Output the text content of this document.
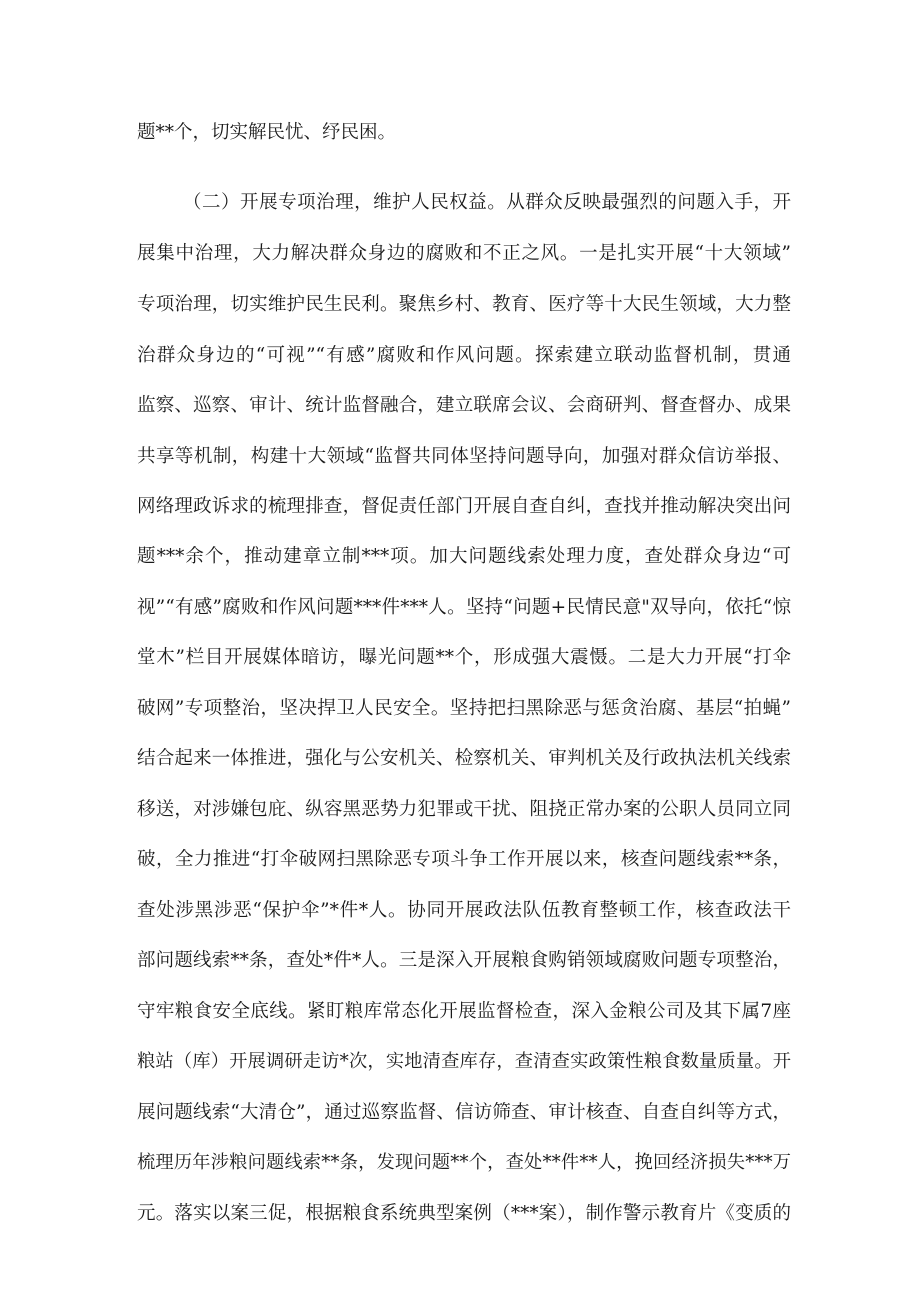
题**个，切实解民忧、纾民困。
（二）开展专项治理，维护人民权益。从群众反映最强烈的问题入手，开
展集中治理，大力解决群众身边的腐败和不正之风。一是扎实开展“十大领域”
专项治理，切实维护民生民利。聚焦乡村、教育、医疗等十大民生领域，大力整
治群众身边的“可视”“有感”腐败和作风问题。探索建立联动监督机制，贯通
监察、巡察、审计、统计监督融合，建立联席会议、会商研判、督查督办、成果
共享等机制，构建十大领域“监督共同体坚持问题导向，加强对群众信访举报、
网络理政诉求的梳理排查，督促责任部门开展自查自纠，查找并推动解决突出问
题***余个，推动建章立制***项。加大问题线索处理力度，查处群众身边“可
视”“有感”腐败和作风问题***件***人。坚持“问题+民情民意"双导向，依托“惊
堂木”栏目开展媒体暗访，曝光问题**个，形成强大震慑。二是大力开展“打伞
破网”专项整治，坚决捍卫人民安全。坚持把扫黑除恶与惩贪治腐、基层“拍蝇”
结合起来一体推进，强化与公安机关、检察机关、审判机关及行政执法机关线索
移送，对涉嫌包庇、纵容黑恶势力犯罪或干扰、阻挠正常办案的公职人员同立同
破，全力推进“打伞破网扫黑除恶专项斗争工作开展以来，核查问题线索**条，
查处涉黑涉恶“保护伞”*件*人。协同开展政法队伍教育整顿工作，核查政法干
部问题线索**条，查处*件*人。三是深入开展粮食购销领域腐败问题专项整治，
守牢粮食安全底线。紧盯粮库常态化开展监督检查，深入金粮公司及其下属7座
粮站（库）开展调研走访*次，实地清查库存，查清查实政策性粮食数量质量。开
展问题线索“大清仓”，通过巡察监督、信访筛查、审计核查、自查自纠等方式，
梳理历年涉粮问题线索**条，发现问题**个，查处**件**人，挽回经济损失***万
元。落实以案三促，根据粮食系统典型案例（***案），制作警示教育片《变质的
